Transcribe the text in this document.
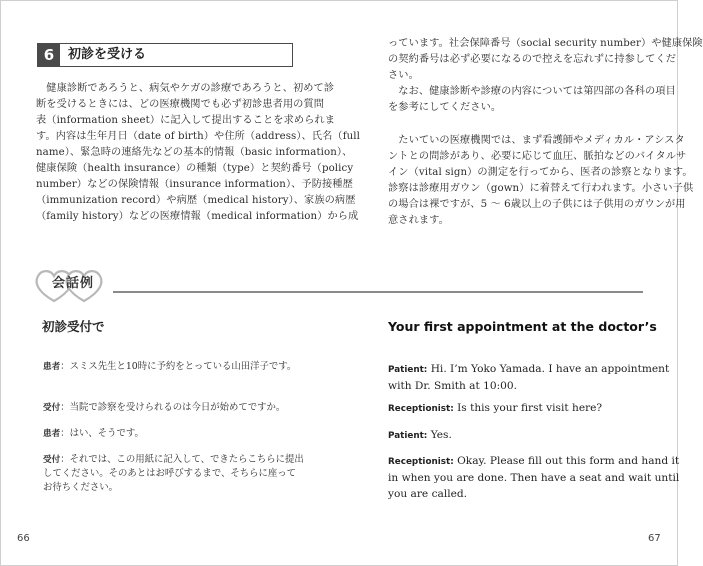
6	初診を受ける

　健康診断であろうと、病気やケガの診療であろうと、初めて診
断を受けるときには、どの医療機関でも必ず初診患者用の質問
表（information sheet）に記入して提出することを求められま
す。内容は生年月日（date of birth）や住所（address）、氏名（full
name）、緊急時の連絡先などの基本的情報（basic information）、
健康保険（health insurance）の種類（type）と契約番号（policy
number）などの保険情報（insurance information）、予防接種歴
（immunization record）や病歴（medical history）、家族の病歴
（family history）などの医療情報（medical information）から成

っています。社会保障番号（social security number）や健康保険
の契約番号は必ず必要になるので控えを忘れずに持参してくだ
さい。
　なお、健康診断や診療の内容については第四部の各科の項目
を参考にしてください。

　たいていの医療機関では、まず看護師やメディカル・アシスタ
ントとの問診があり、必要に応じて血圧、脈拍などのバイタルサ
イン（vital sign）の測定を行ってから、医者の診察となります。
診察は診療用ガウン（gown）に着替えて行われます。小さい子供
の場合は裸ですが、5 〜 6歳以上の子供には子供用のガウンが用
意されます。

会話例
初診受付で	Your first appointment at the doctor’s

患者：スミス先生と10時に予約をとっている山田洋子です。

受付：当院で診察を受けられるのは今日が始めてですか。

患者：はい、そうです。

受付：それでは、この用紙に記入して、できたらこちらに提出
してください。そのあとはお呼びするまで、そちらに座って
お待ちください。

Patient: Hi. I’m Yoko Yamada. I have an appointment
with Dr. Smith at 10:00.

Receptionist: Is this your first visit here?

Patient: Yes.

Receptionist: Okay. Please fill out this form and hand it
in when you are done. Then have a seat and wait until
you are called.

66	67
